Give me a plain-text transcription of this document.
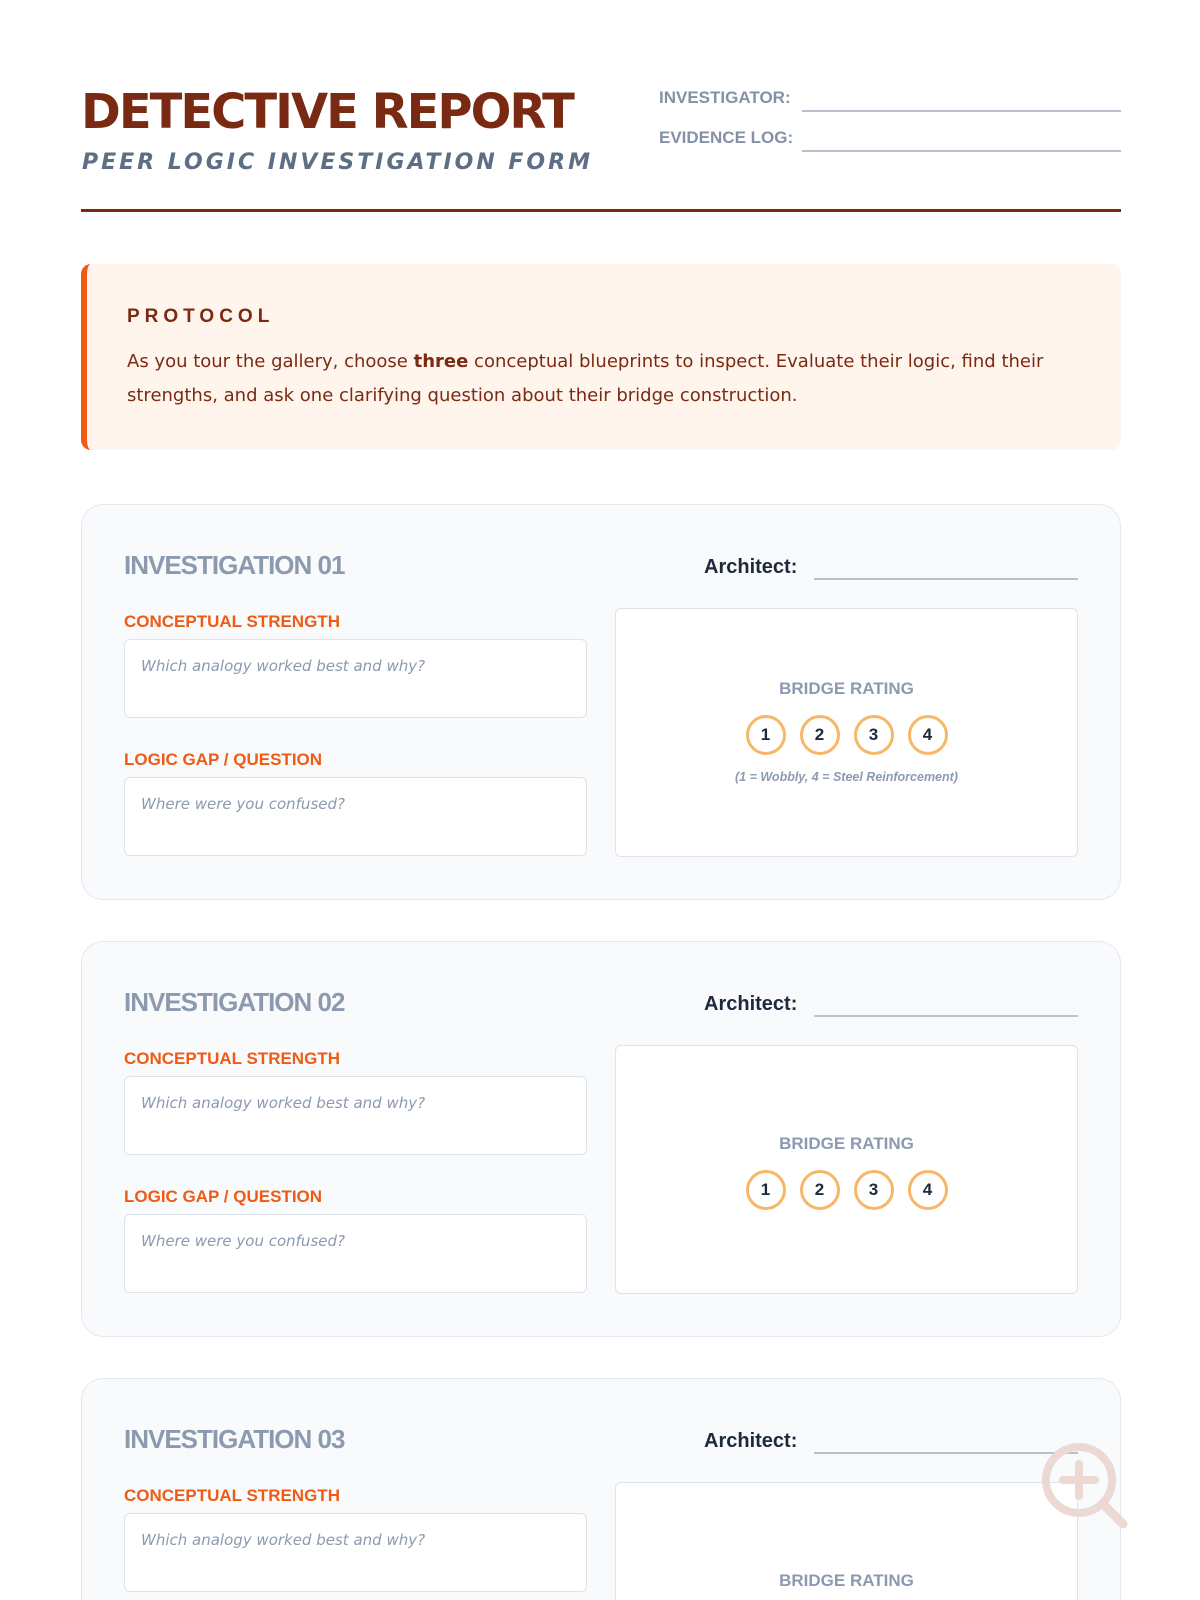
DETECTIVE REPORT
PEER LOGIC INVESTIGATION FORM
INVESTIGATOR:
EVIDENCE LOG:
PROTOCOL
As you tour the gallery, choose three conceptual blueprints to inspect. Evaluate their logic, find their strengths, and ask one clarifying question about their bridge construction.
INVESTIGATION 01	Architect:
CONCEPTUAL STRENGTH
Which analogy worked best and why?
LOGIC GAP / QUESTION
Where were you confused?
BRIDGE RATING
1	2	3	4
(1 = Wobbly, 4 = Steel Reinforcement)
INVESTIGATION 02	Architect:
CONCEPTUAL STRENGTH
Which analogy worked best and why?
LOGIC GAP / QUESTION
Where were you confused?
BRIDGE RATING
1	2	3	4
INVESTIGATION 03	Architect:
CONCEPTUAL STRENGTH
Which analogy worked best and why?
BRIDGE RATING
